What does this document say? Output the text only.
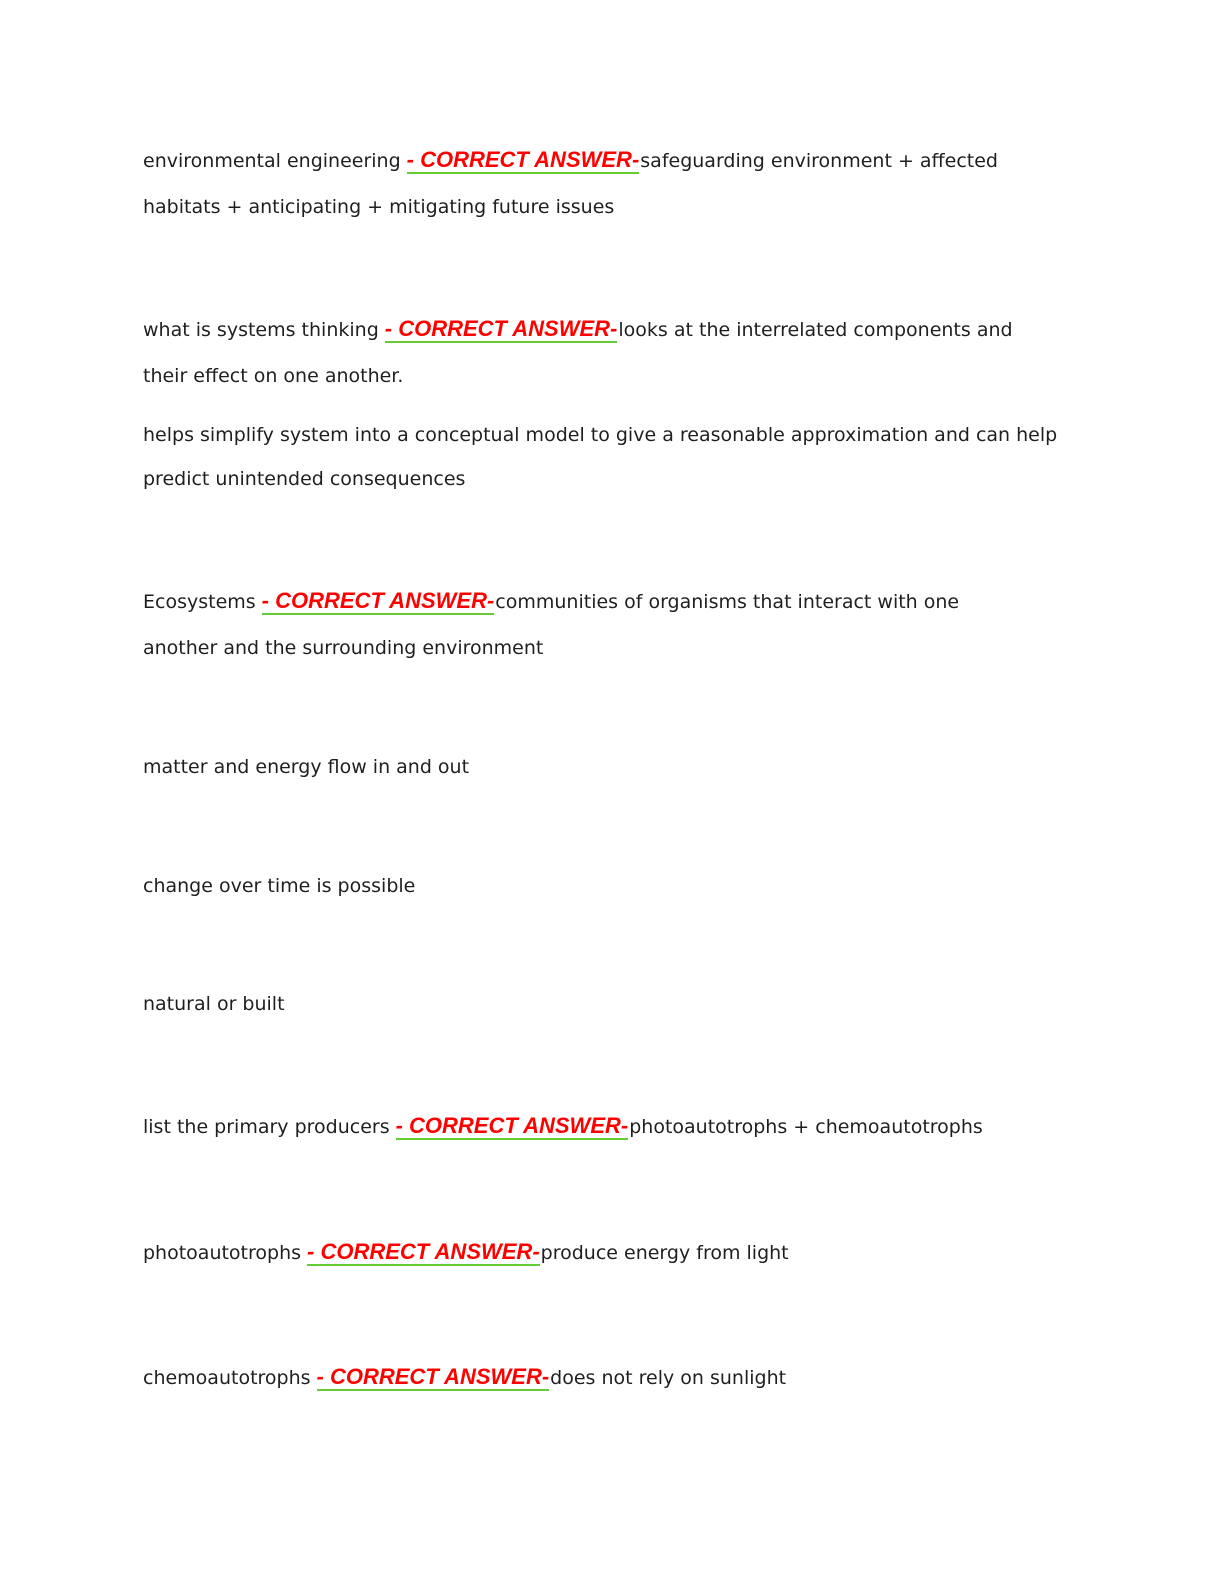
environmental engineering - CORRECT ANSWER-safeguarding environment + affected
habitats + anticipating + mitigating future issues
what is systems thinking - CORRECT ANSWER-looks at the interrelated components and
their effect on one another.
helps simplify system into a conceptual model to give a reasonable approximation and can help
predict unintended consequences
Ecosystems - CORRECT ANSWER-communities of organisms that interact with one
another and the surrounding environment
matter and energy flow in and out
change over time is possible
natural or built
list the primary producers - CORRECT ANSWER-photoautotrophs + chemoautotrophs
photoautotrophs - CORRECT ANSWER-produce energy from light
chemoautotrophs - CORRECT ANSWER-does not rely on sunlight
